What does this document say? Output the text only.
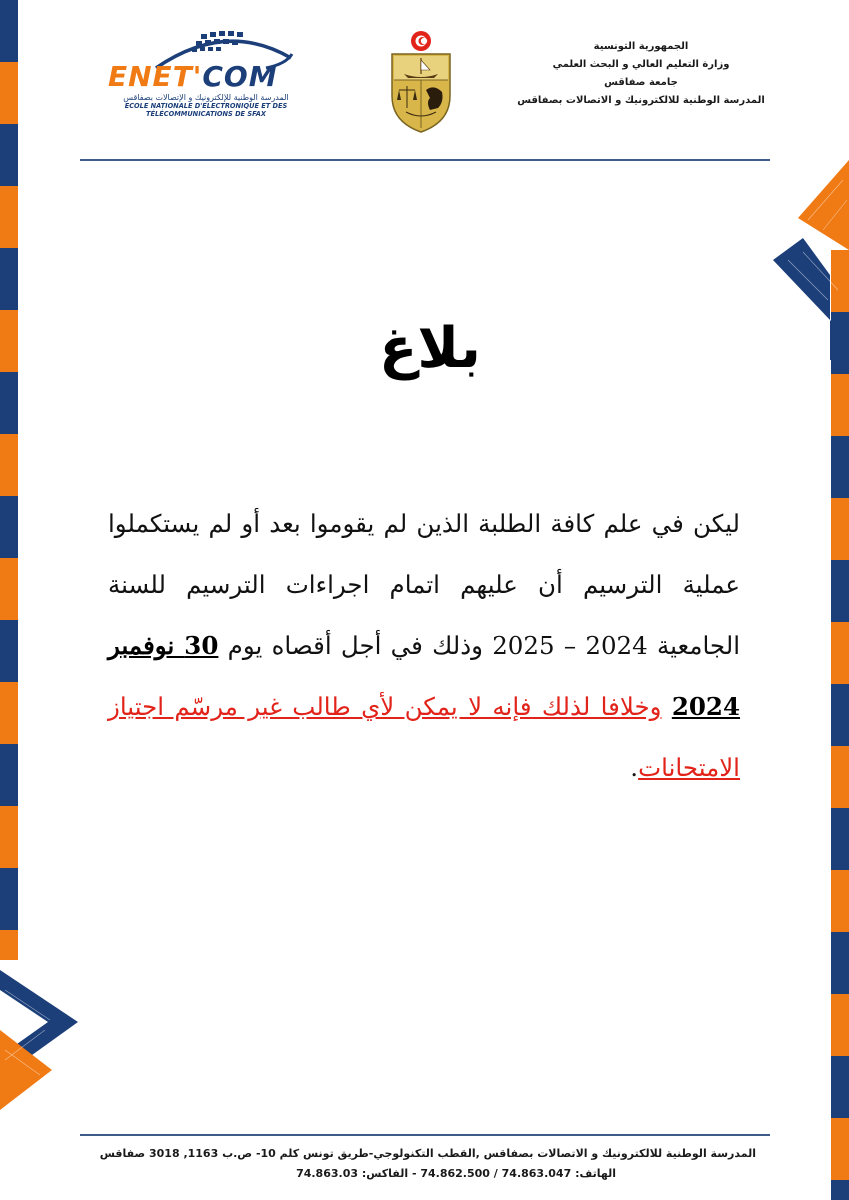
ENET'COM
المدرسة الوطنية للإلكترونيك و الإتصالات بصفاقس
ECOLE NATIONALE D'ELECTRONIQUE ET DES
TÉLÉCOMMUNICATIONS DE SFAX
الجمهورية التونسية
وزارة التعليم العالي و البحث العلمي
جامعة صفاقس
المدرسة الوطنية للالكترونيك و الاتصالات بصفاقس
بلاغ
ليكن في علم كافة الطلبة الذين لم يقوموا بعد أو لم يستكملوا عملية الترسيم أن عليهم اتمام اجراءات الترسيم للسنة الجامعية 2024 – 2025 وذلك في أجل أقصاه يوم 30 نوفمبر 2024 وخلافا لذلك فإنه لا يمكن لأي طالب غير مرسّم اجتياز الامتحانات.
المدرسة الوطنية للالكترونيك و الاتصالات بصفاقس ,القطب التكنولوجي-طريق تونس كلم 10- ص.ب 1163, 3018 صفاقس
الهاتف: 74.863.047 / 74.862.500 - الفاكس: 74.863.03
